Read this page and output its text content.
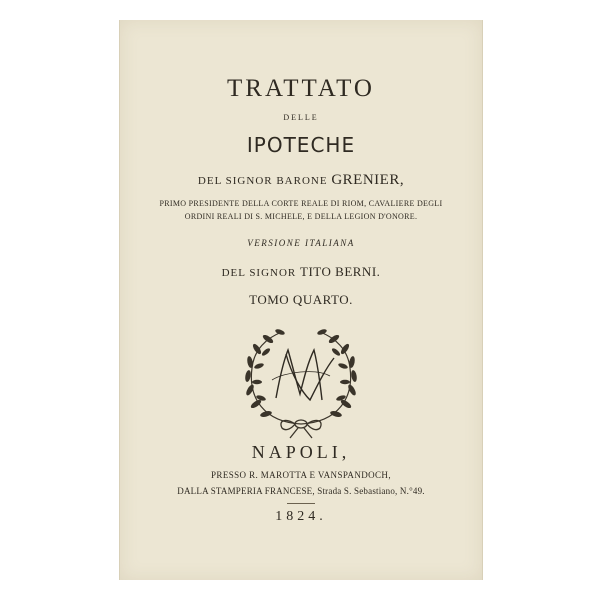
TRATTATO
DELLE
IPOTECHE
DEL SIGNOR BARONE GRENIER,
PRIMO PRESIDENTE DELLA CORTE REALE DI RIOM, CAVALIERE DEGLI
ORDINI REALI DI S. MICHELE, E DELLA LEGION D'ONORE.
VERSIONE ITALIANA
DEL SIGNOR TITO BERNI.
TOMO QUARTO.
NAPOLI,
PRESSO R. MAROTTA E VANSPANDOCH,
DALLA STAMPERIA FRANCESE, Strada S. Sebastiano, N.°49.
1824.
